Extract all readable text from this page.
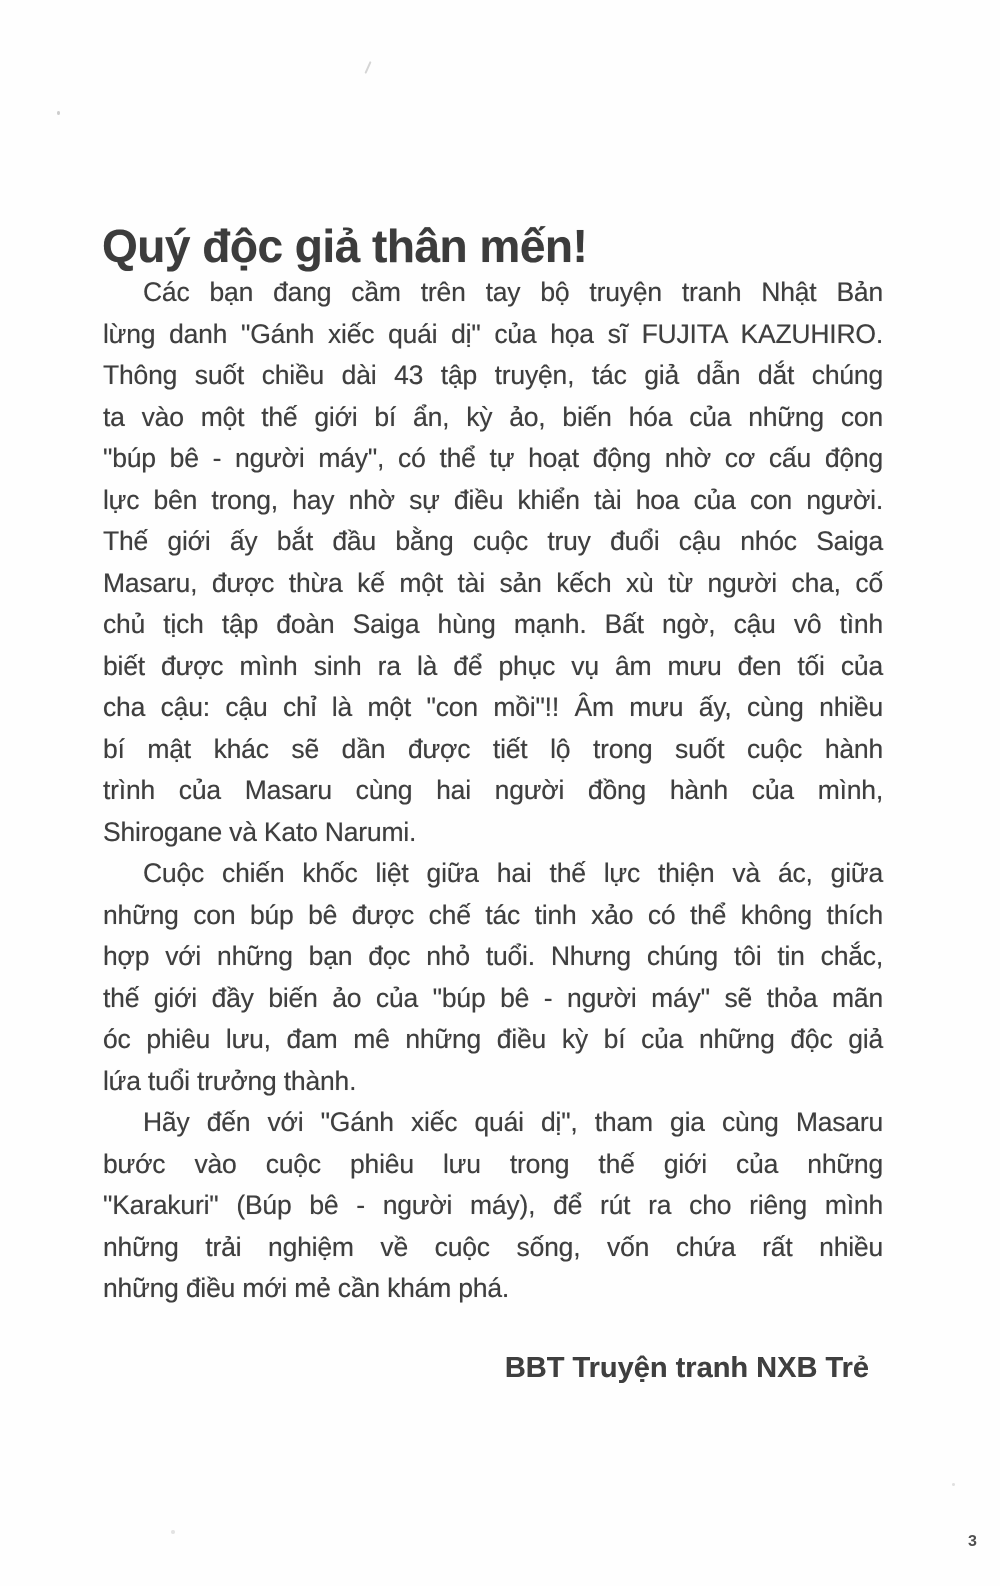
Quý độc giả thân mến!
Các bạn đang cầm trên tay bộ truyện tranh Nhật Bản
lừng danh "Gánh xiếc quái dị" của họa sĩ FUJITA KAZUHIRO.
Thông suốt chiều dài 43 tập truyện, tác giả dẫn dắt chúng
ta vào một thế giới bí ẩn, kỳ ảo, biến hóa của những con
"búp bê - người máy", có thể tự hoạt động nhờ cơ cấu động
lực bên trong, hay nhờ sự điều khiển tài hoa của con người.
Thế giới ấy bắt đầu bằng cuộc truy đuổi cậu nhóc Saiga
Masaru, được thừa kế một tài sản kếch xù từ người cha, cố
chủ tịch tập đoàn Saiga hùng mạnh. Bất ngờ, cậu vô tình
biết được mình sinh ra là để phục vụ âm mưu đen tối của
cha cậu: cậu chỉ là một "con mồi"!! Âm mưu ấy, cùng nhiều
bí mật khác sẽ dần được tiết lộ trong suốt cuộc hành
trình của Masaru cùng hai người đồng hành của mình,
Shirogane và Kato Narumi.
Cuộc chiến khốc liệt giữa hai thế lực thiện và ác, giữa
những con búp bê được chế tác tinh xảo có thể không thích
hợp với những bạn đọc nhỏ tuổi. Nhưng chúng tôi tin chắc,
thế giới đầy biến ảo của "búp bê - người máy" sẽ thỏa mãn
óc phiêu lưu, đam mê những điều kỳ bí của những độc giả
lứa tuổi trưởng thành.
Hãy đến với "Gánh xiếc quái dị", tham gia cùng Masaru
bước vào cuộc phiêu lưu trong thế giới của những
"Karakuri" (Búp bê - người máy), để rút ra cho riêng mình
những trải nghiệm về cuộc sống, vốn chứa rất nhiều
những điều mới mẻ cần khám phá.
BBT Truyện tranh NXB Trẻ
3
